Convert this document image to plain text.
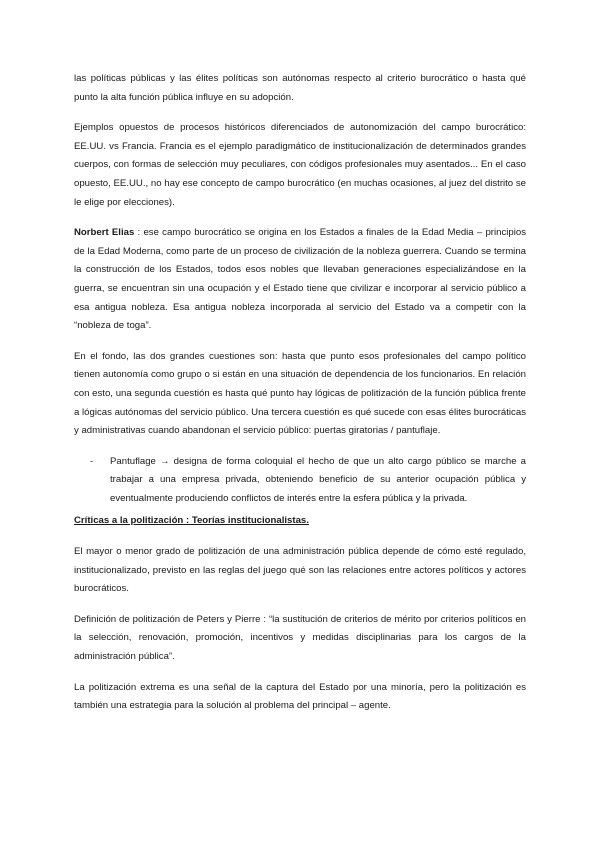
las políticas públicas y las élites políticas son autónomas respecto al criterio burocrático o hasta qué punto la alta función pública influye en su adopción.

Ejemplos opuestos de procesos históricos diferenciados de autonomización del campo burocrático: EE.UU. vs Francia. Francia es el ejemplo paradigmático de institucionalización de determinados grandes cuerpos, con formas de selección muy peculiares, con códigos profesionales muy asentados... En el caso opuesto, EE.UU., no hay ese concepto de campo burocrático (en muchas ocasiones, al juez del distrito se le elige por elecciones).

Norbert Elias : ese campo burocrático se origina en los Estados a finales de la Edad Media – principios de la Edad Moderna, como parte de un proceso de civilización de la nobleza guerrera. Cuando se termina la construcción de los Estados, todos esos nobles que llevaban generaciones especializándose en la guerra, se encuentran sin una ocupación y el Estado tiene que civilizar e incorporar al servicio público a esa antigua nobleza. Esa antigua nobleza incorporada al servicio del Estado va a competir con la “nobleza de toga”.

En el fondo, las dos grandes cuestiones son: hasta que punto esos profesionales del campo político tienen autonomía como grupo o si están en una situación de dependencia de los funcionarios. En relación con esto, una segunda cuestión es hasta qué punto hay lógicas de politización de la función pública frente a lógicas autónomas del servicio público. Una tercera cuestión es qué sucede con esas élites burocráticas y administrativas cuando abandonan el servicio público: puertas giratorias / pantuflaje.

- Pantuflage → designa de forma coloquial el hecho de que un alto cargo público se marche a trabajar a una empresa privada, obteniendo beneficio de su anterior ocupación pública y eventualmente produciendo conflictos de interés entre la esfera pública y la privada.

Críticas a la politización : Teorías institucionalistas.

El mayor o menor grado de politización de una administración pública depende de cómo esté regulado, institucionalizado, previsto en las reglas del juego qué son las relaciones entre actores políticos y actores burocráticos.

Definición de politización de Peters y Pierre : “la sustitución de criterios de mérito por criterios políticos en la selección, renovación, promoción, incentivos y medidas disciplinarias para los cargos de la administración pública”.

La politización extrema es una señal de la captura del Estado por una minoría, pero la politización es también una estrategia para la solución al problema del principal – agente.
